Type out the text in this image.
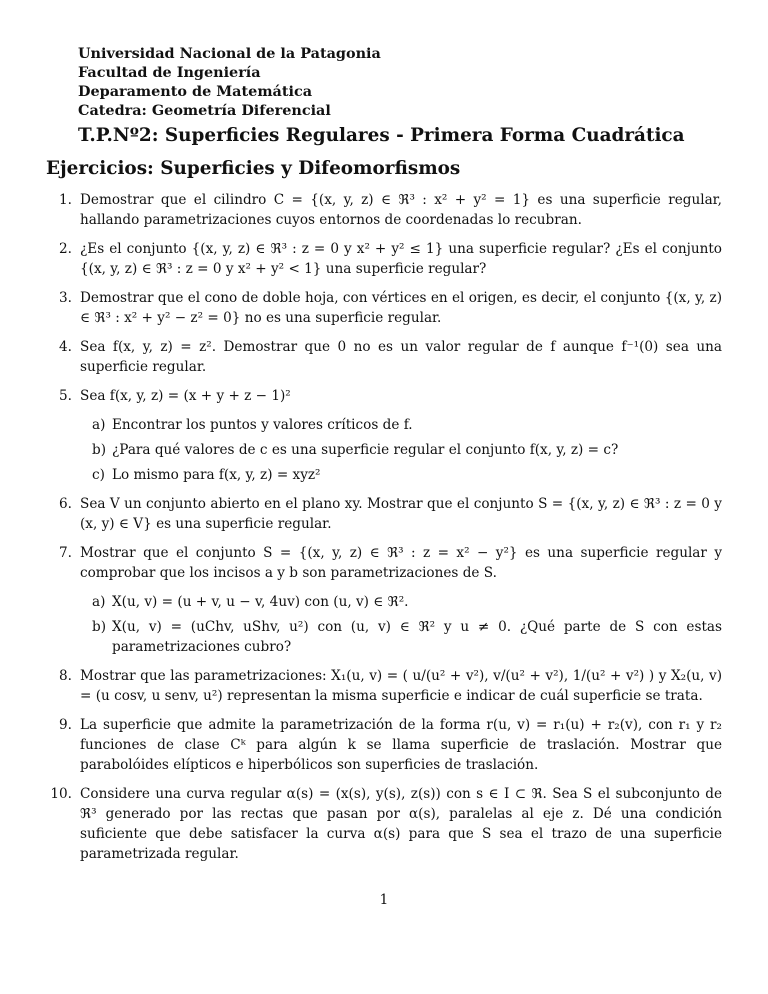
Universidad Nacional de la Patagonia
Facultad de Ingeniería
Deparamento de Matemática
Catedra: Geometría Diferencial
T.P.Nº2: Superficies Regulares - Primera Forma Cuadrática
Ejercicios: Superficies y Difeomorfismos
1. Demostrar que el cilindro C = {(x, y, z) ∈ ℜ³ : x² + y² = 1} es una superficie regular, hallando parametrizaciones cuyos entornos de coordenadas lo recubran.

2. ¿Es el conjunto {(x, y, z) ∈ ℜ³ : z = 0 y x² + y² ≤ 1} una superficie regular? ¿Es el conjunto {(x, y, z) ∈ ℜ³ : z = 0 y x² + y² < 1} una superficie regular?

3. Demostrar que el cono de doble hoja, con vértices en el origen, es decir, el conjunto {(x, y, z) ∈ ℜ³ : x² + y² − z² = 0} no es una superficie regular.

4. Sea f(x, y, z) = z². Demostrar que 0 no es un valor regular de f aunque f⁻¹(0) sea una superficie regular.

5. Sea f(x, y, z) = (x + y + z − 1)²

a) Encontrar los puntos y valores críticos de f.
b) ¿Para qué valores de c es una superficie regular el conjunto f(x, y, z) = c?
c) Lo mismo para f(x, y, z) = xyz²
6. Sea V un conjunto abierto en el plano xy. Mostrar que el conjunto S = {(x, y, z) ∈ ℜ³ : z = 0 y (x, y) ∈ V} es una superficie regular.

7. Mostrar que el conjunto S = {(x, y, z) ∈ ℜ³ : z = x² − y²} es una superficie regular y comprobar que los incisos a y b son parametrizaciones de S.

a) X(u, v) = (u + v, u − v, 4uv) con (u, v) ∈ ℜ².
b) X(u, v) = (uChv, uShv, u²) con (u, v) ∈ ℜ² y u ≠ 0. ¿Qué parte de S con estas parametrizaciones cubro?
8. Mostrar que las parametrizaciones: X₁(u, v) = ( u/(u² + v²), v/(u² + v²), 1/(u² + v²) ) y X₂(u, v) = (u cosv, u senv, u²) representan la misma superficie e indicar de cuál superficie se trata.

9. La superficie que admite la parametrización de la forma r(u, v) = r₁(u) + r₂(v), con r₁ y r₂ funciones de clase Cᵏ para algún k se llama superficie de traslación. Mostrar que parabolóides elípticos e hiperbólicos son superficies de traslación.

10. Considere una curva regular α(s) = (x(s), y(s), z(s)) con s ∈ I ⊂ ℜ. Sea S el subconjunto de ℜ³ generado por las rectas que pasan por α(s), paralelas al eje z. Dé una condición suficiente que debe satisfacer la curva α(s) para que S sea el trazo de una superficie parametrizada regular.

1
